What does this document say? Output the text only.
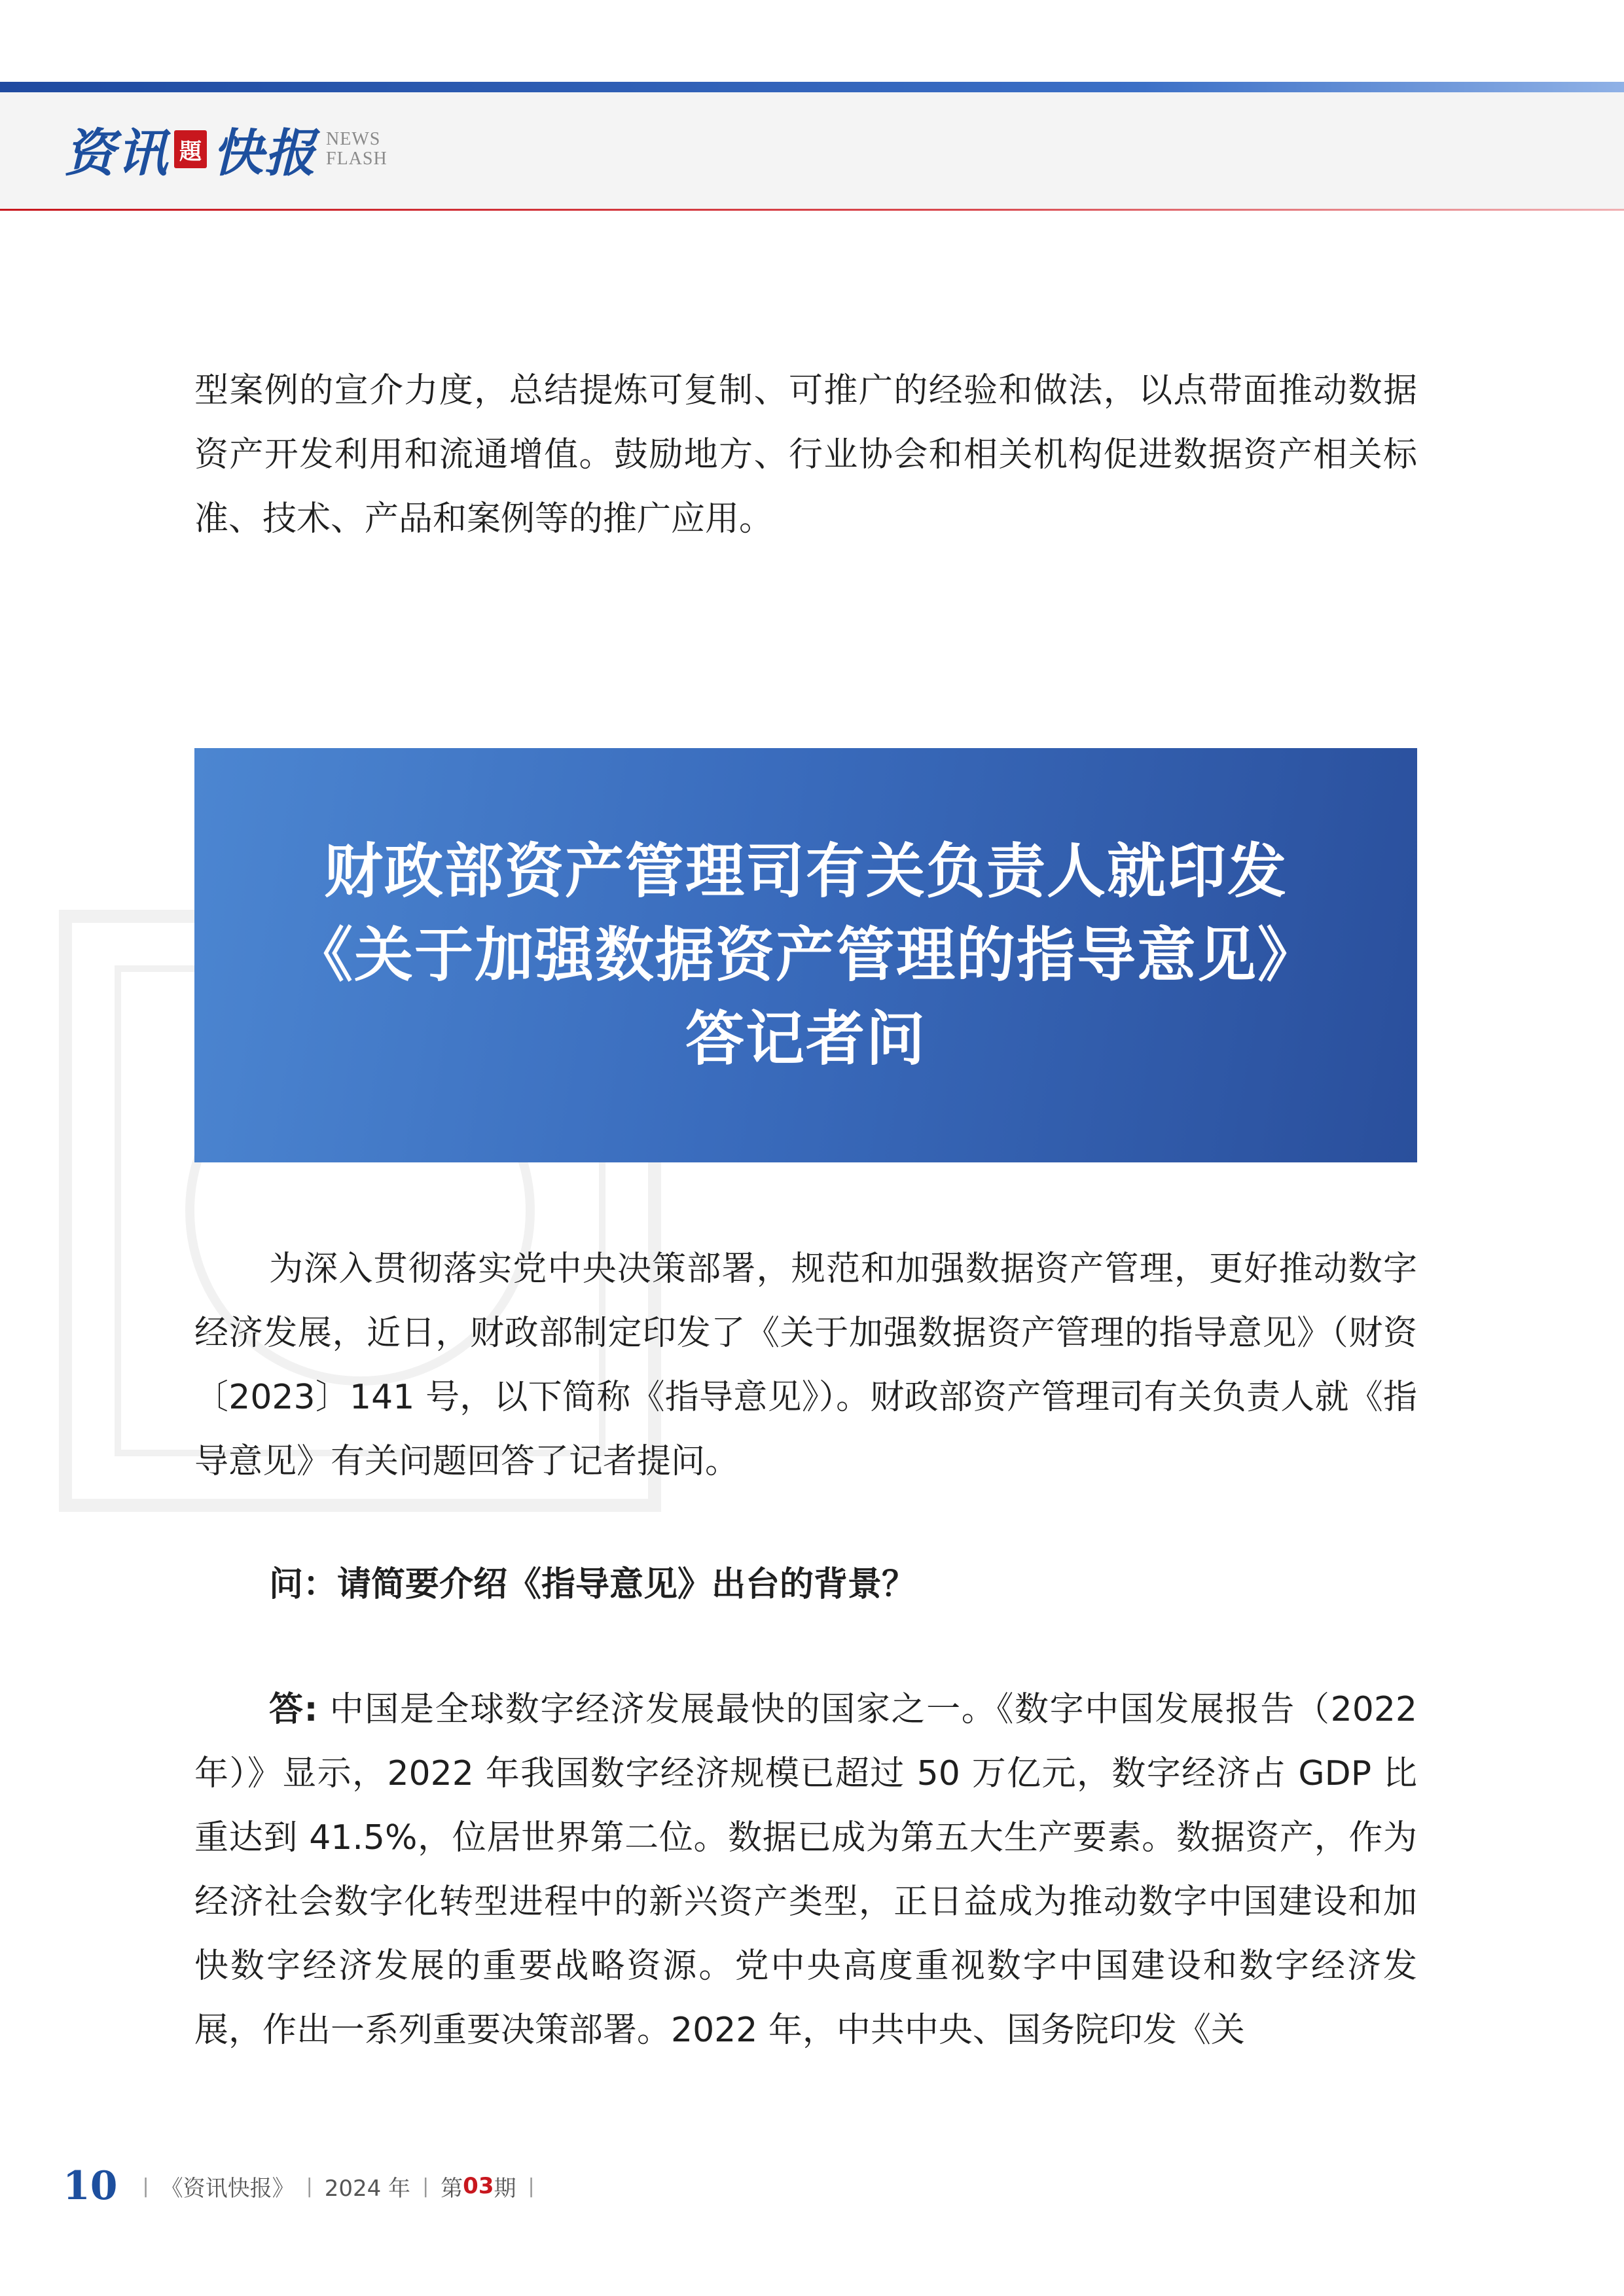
资讯 題 快报 NEWS
FLASH

型案例的宣介力度，总结提炼可复制、可推广的经验和做法，以点带面推动数据资产开发利用和流通增值。鼓励地方、行业协会和相关机构促进数据资产相关标准、技术、产品和案例等的推广应用。

财政部资产管理司有关负责人就印发
《关于加强数据资产管理的指导意见》
答记者问

为深入贯彻落实党中央决策部署，规范和加强数据资产管理，更好推动数字经济发展，近日，财政部制定印发了《关于加强数据资产管理的指导意见》（财资〔2023〕141 号，以下简称《指导意见》）。财政部资产管理司有关负责人就《指导意见》有关问题回答了记者提问。

问：请简要介绍《指导意见》出台的背景？

答: 中国是全球数字经济发展最快的国家之一。《数字中国发展报告（2022 年）》显示，2022 年我国数字经济规模已超过 50 万亿元，数字经济占 GDP 比重达到 41.5%，位居世界第二位。数据已成为第五大生产要素。数据资产，作为经济社会数字化转型进程中的新兴资产类型，正日益成为推动数字中国建设和加快数字经济发展的重要战略资源。党中央高度重视数字中国建设和数字经济发展，作出一系列重要决策部署。2022 年，中共中央、国务院印发《关

10 | 《资讯快报》 | 2024 年 | 第 03 期 |
